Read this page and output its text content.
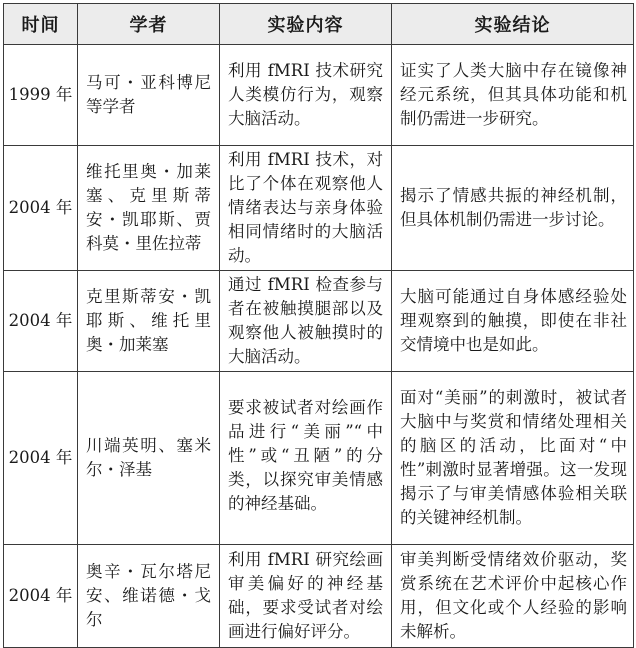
时间	学者	实验内容	实验结论
1999 年	马可・亚科博尼等学者	利用 fMRI 技术研究人类模仿行为，观察大脑活动。	证实了人类大脑中存在镜像神经元系统，但其具体功能和机制仍需进一步研究。
2004 年	维托里奥・加莱塞、克里斯蒂安・凯耶斯、贾科莫・里佐拉蒂	利用 fMRI 技术，对比了个体在观察他人情绪表达与亲身体验相同情绪时的大脑活动。	揭示了情感共振的神经机制，但具体机制仍需进一步讨论。
2004 年	克里斯蒂安・凯耶斯、维托里奥・加莱塞	通过 fMRI 检查参与者在被触摸腿部以及观察他人被触摸时的大脑活动。	大脑可能通过自身体感经验处理观察到的触摸，即使在非社交情境中也是如此。
2004 年	川端英明、塞米尔・泽基	要求被试者对绘画作品进行“美丽”“中性”或“丑陋”的分类，以探究审美情感的神经基础。	面对“美丽”的刺激时，被试者大脑中与奖赏和情绪处理相关的脑区的活动，比面对“中性”刺激时显著增强。这一发现揭示了与审美情感体验相关联的关键神经机制。
2004 年	奥辛・瓦尔塔尼安、维诺德・戈尔	利用 fMRI 研究绘画审美偏好的神经基础，要求受试者对绘画进行偏好评分。	审美判断受情绪效价驱动，奖赏系统在艺术评价中起核心作用，但文化或个人经验的影响未解析。
